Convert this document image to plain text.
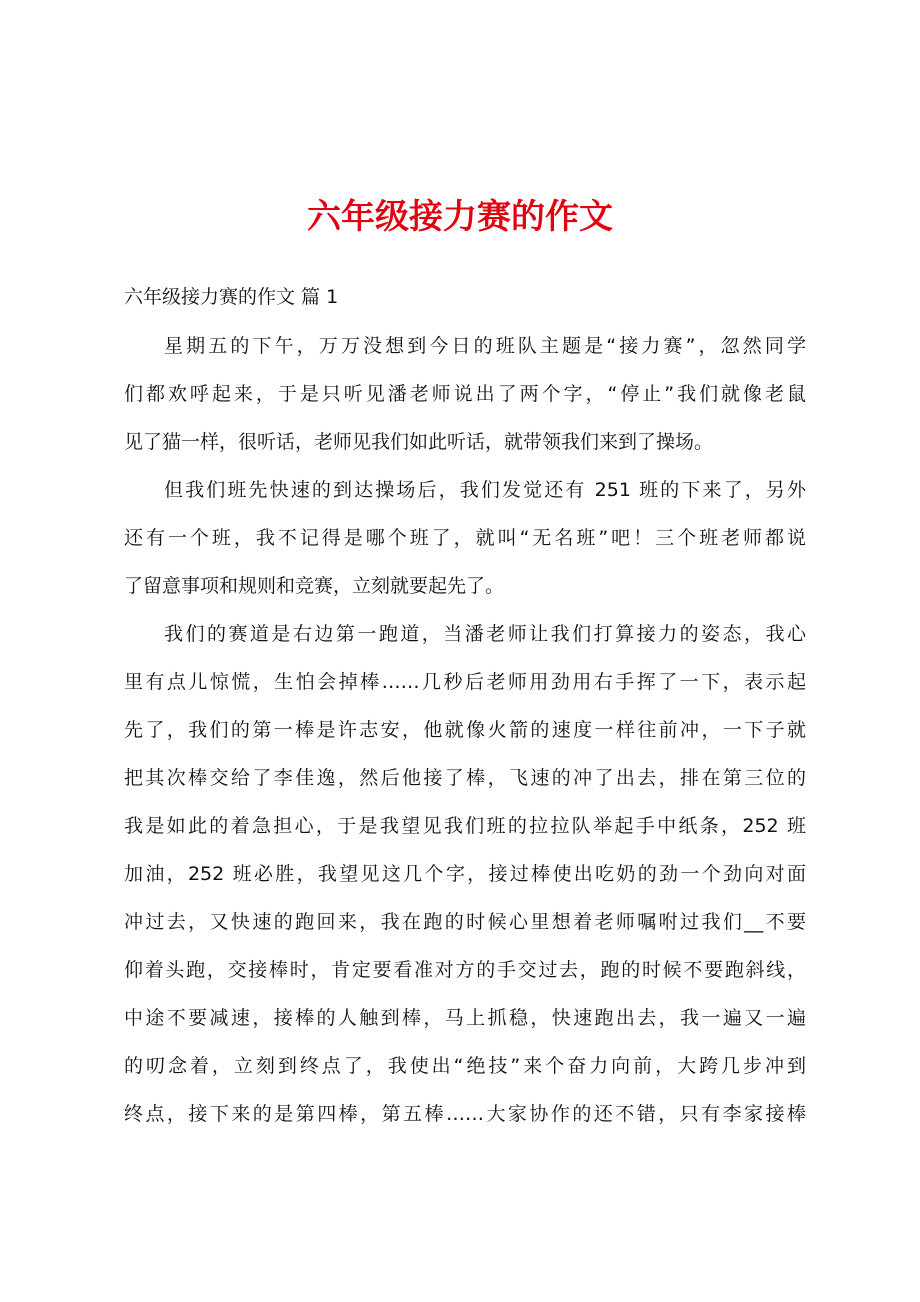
六年级接力赛的作文

六年级接力赛的作文 篇 1

星期五的下午，万万没想到今日的班队主题是“接力赛”，忽然同学
们都欢呼起来，于是只听见潘老师说出了两个字，“停止”我们就像老鼠
见了猫一样，很听话，老师见我们如此听话，就带领我们来到了操场。
但我们班先快速的到达操场后，我们发觉还有 251 班的下来了，另外
还有一个班，我不记得是哪个班了，就叫“无名班”吧！三个班老师都说
了留意事项和规则和竞赛，立刻就要起先了。
我们的赛道是右边第一跑道，当潘老师让我们打算接力的姿态，我心
里有点儿惊慌，生怕会掉棒……几秒后老师用劲用右手挥了一下，表示起
先了，我们的第一棒是许志安，他就像火箭的速度一样往前冲，一下子就
把其次棒交给了李佳逸，然后他接了棒，飞速的冲了出去，排在第三位的
我是如此的着急担心，于是我望见我们班的拉拉队举起手中纸条，252 班
加油，252 班必胜，我望见这几个字，接过棒使出吃奶的劲一个劲向对面
冲过去，又快速的跑回来，我在跑的时候心里想着老师嘱咐过我们__不要
仰着头跑，交接棒时，肯定要看准对方的手交过去，跑的时候不要跑斜线，
中途不要减速，接棒的人触到棒，马上抓稳，快速跑出去，我一遍又一遍
的叨念着，立刻到终点了，我使出“绝技”来个奋力向前，大跨几步冲到
终点，接下来的是第四棒，第五棒……大家协作的还不错，只有李家接棒
